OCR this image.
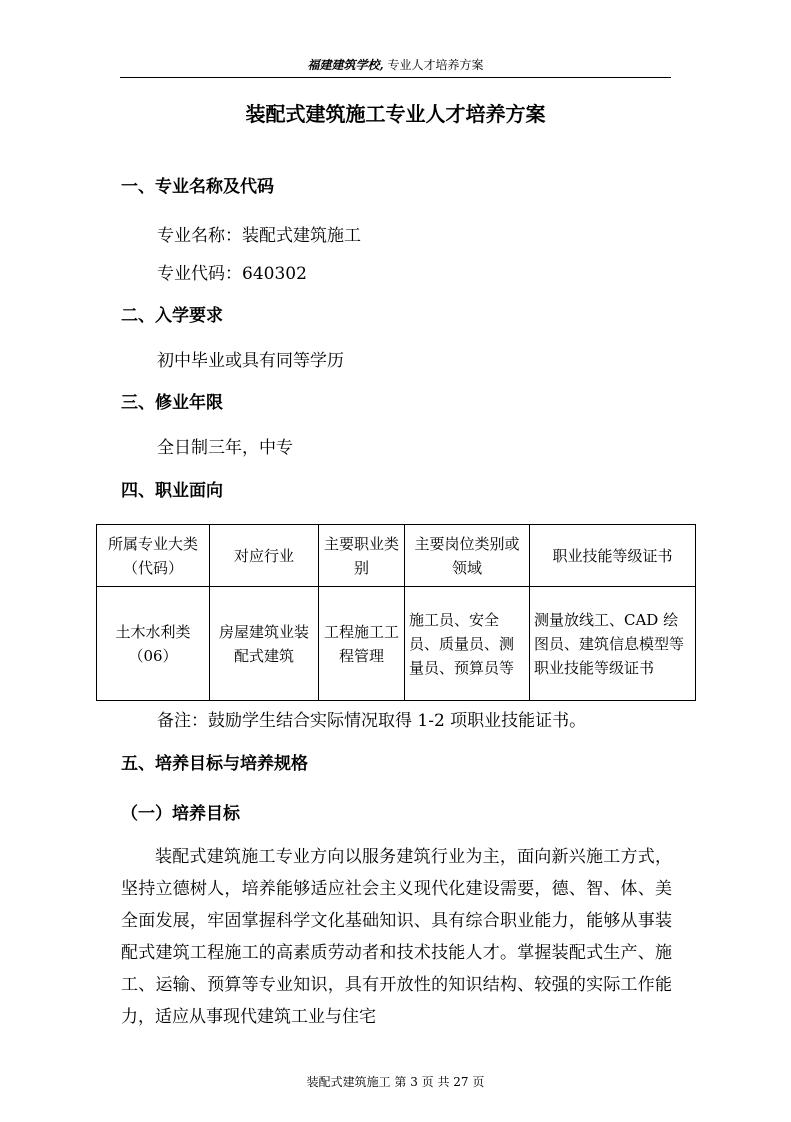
福建建筑学校, 专业人才培养方案
装配式建筑施工专业人才培养方案
一、专业名称及代码
专业名称：装配式建筑施工
专业代码：640302
二、入学要求
初中毕业或具有同等学历
三、修业年限
全日制三年，中专
四、职业面向
所属专业大类（代码）	对应行业	主要职业类别	主要岗位类别或领域	职业技能等级证书
土木水利类（06）	房屋建筑业装配式建筑	工程施工工程管理	施工员、安全员、质量员、测量员、预算员等	测量放线工、CAD 绘图员、建筑信息模型等职业技能等级证书
备注：鼓励学生结合实际情况取得 1-2 项职业技能证书。
五、培养目标与培养规格
（一）培养目标
装配式建筑施工专业方向以服务建筑行业为主，面向新兴施工方式，坚持立德树人，培养能够适应社会主义现代化建设需要，德、智、体、美全面发展，牢固掌握科学文化基础知识、具有综合职业能力，能够从事装配式建筑工程施工的高素质劳动者和技术技能人才。掌握装配式生产、施工、运输、预算等专业知识，具有开放性的知识结构、较强的实际工作能力，适应从事现代建筑工业与住宅
装配式建筑施工 第 3 页 共 27 页
